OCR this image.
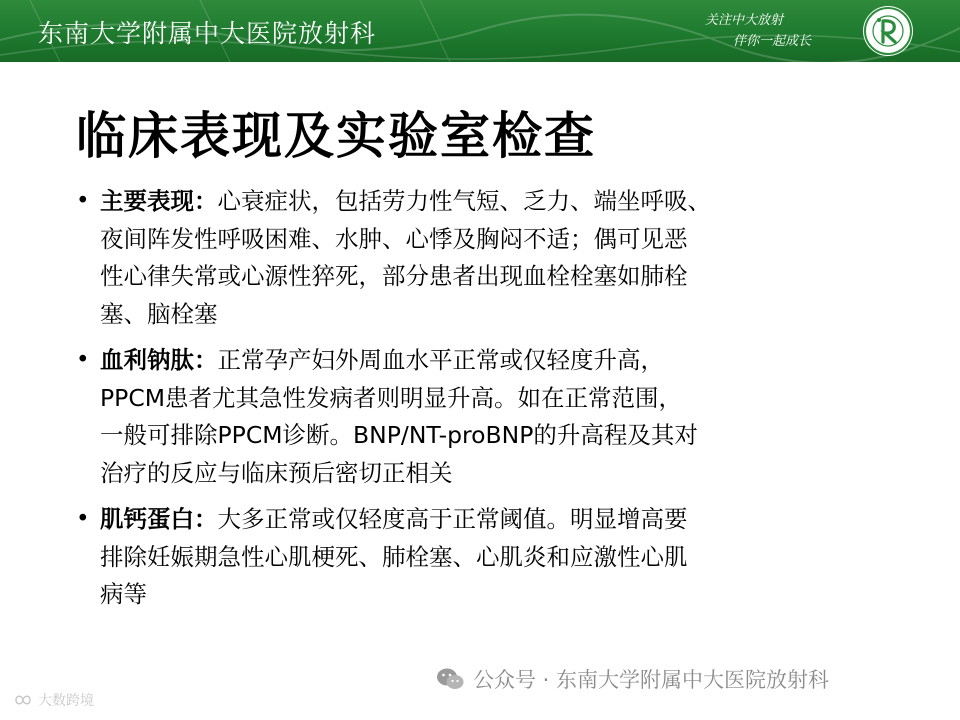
东南大学附属中大医院放射科	关注中大放射
伴你一起成长
临床表现及实验室检查
• 主要表现：心衰症状，包括劳力性气短、乏力、端坐呼吸、
夜间阵发性呼吸困难、水肿、心悸及胸闷不适；偶可见恶
性心律失常或心源性猝死，部分患者出现血栓栓塞如肺栓
塞、脑栓塞
• 血利钠肽：正常孕产妇外周血水平正常或仅轻度升高，
PPCM患者尤其急性发病者则明显升高。如在正常范围，
一般可排除PPCM诊断。BNP/NT-proBNP的升高程及其对
治疗的反应与临床预后密切正相关
• 肌钙蛋白：大多正常或仅轻度高于正常阈值。明显增高要
排除妊娠期急性心肌梗死、肺栓塞、心肌炎和应激性心肌
病等
公众号 · 东南大学附属中大医院放射科
大数跨境
